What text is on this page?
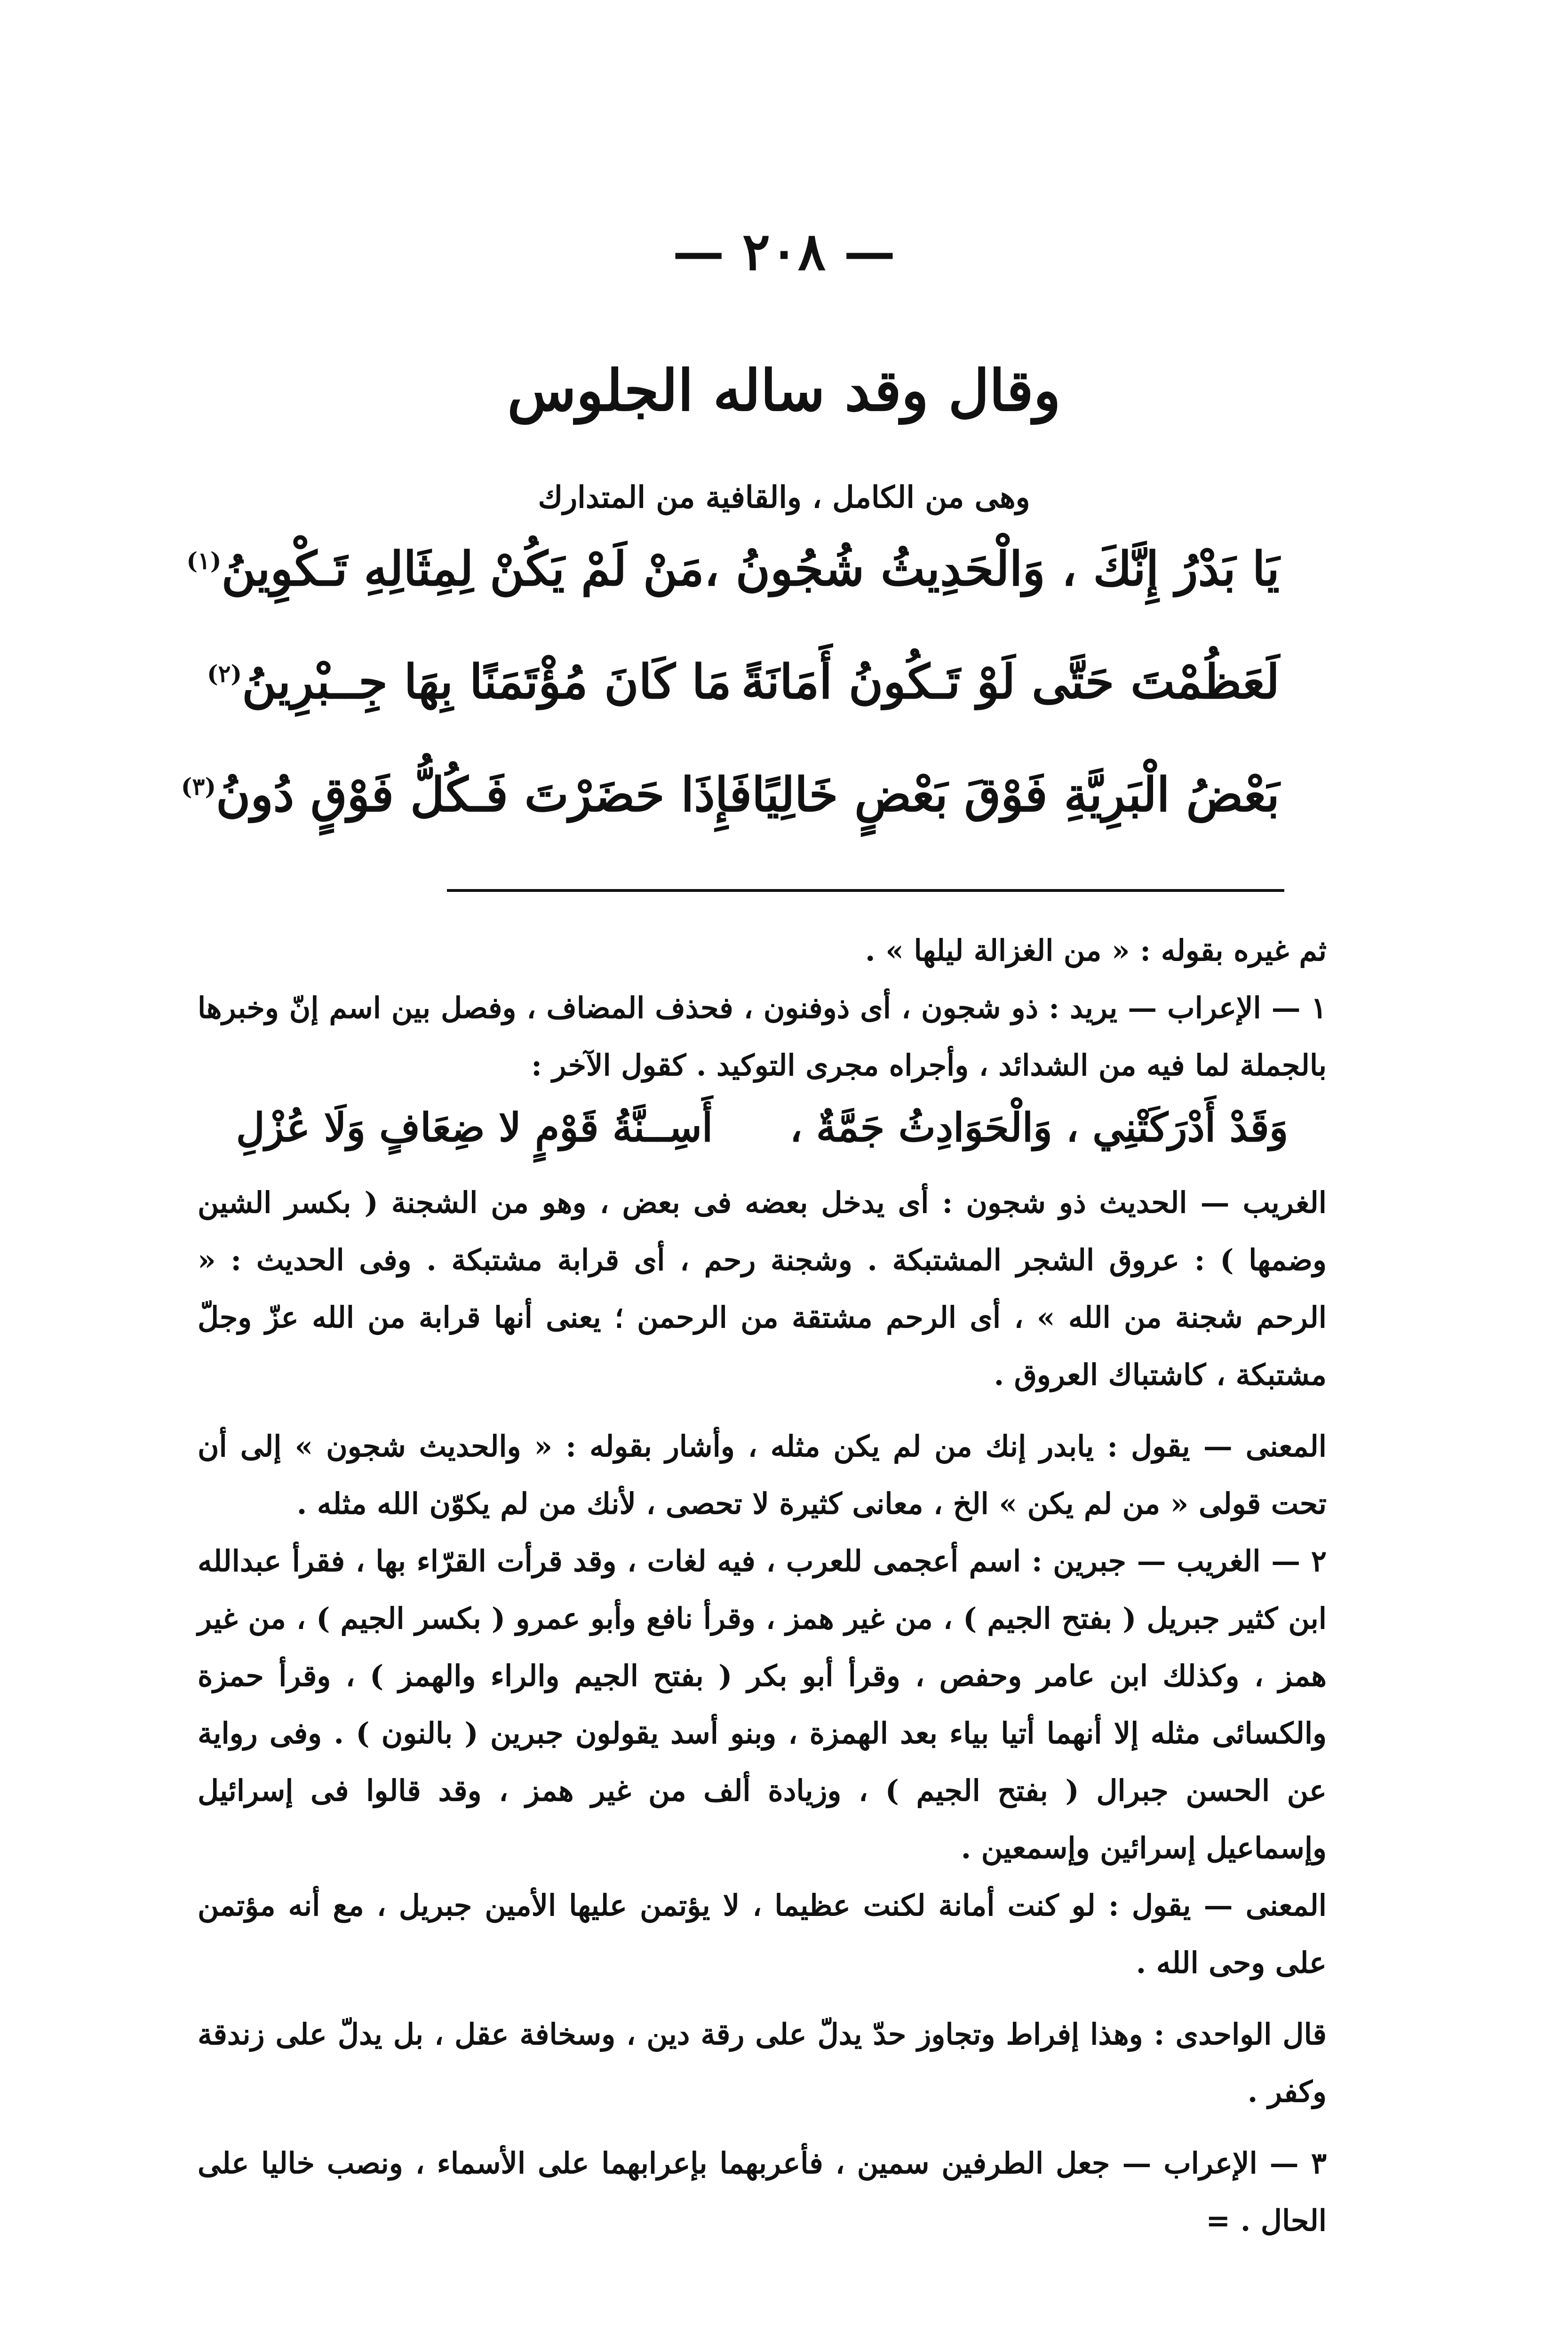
— ٢٠٨ —
وقال وقد ساله الجلوس
وهى من الكامل ، والقافية من المتدارك
يَا بَدْرُ إِنَّكَ ، وَالْحَدِيثُ شُجُونُ ،
مَنْ لَمْ يَكُنْ لِمِثَالِهِ تَـكْوِينُ$^{(١)}$
لَعَظُمْتَ حَتَّى لَوْ تَـكُونُ أَمَانَةً
مَا كَانَ مُؤْتَمَنًا بِهَا جِــبْرِينُ$^{(٢)}$
بَعْضُ الْبَرِيَّةِ فَوْقَ بَعْضٍ خَالِيًا
فَإِذَا حَضَرْتَ فَـكُلُّ فَوْقٍ دُونُ$^{(٣)}$

ثم غيره بقوله : « من الغزالة ليلها » .

١ — الإعراب — يريد : ذو شجون ، أى ذوفنون ، فحذف المضاف ، وفصل بين اسم إنّ وخبرها بالجملة لما فيه من الشدائد ، وأجراه مجرى التوكيد . كقول الآخر :

وَقَدْ أَدْرَكَتْنِي ، وَالْحَوَادِثُ جَمَّةٌ ،
أَسِــنَّةُ قَوْمٍ لا ضِعَافٍ وَلَا عُزْلِ

الغريب — الحديث ذو شجون : أى يدخل بعضه فى بعض ، وهو من الشجنة ( بكسر الشين وضمها ) : عروق الشجر المشتبكة . وشجنة رحم ، أى قرابة مشتبكة . وفى الحديث : « الرحم شجنة من الله » ، أى الرحم مشتقة من الرحمن ؛ يعنى أنها قرابة من الله عزّ وجلّ مشتبكة ، كاشتباك العروق .

المعنى — يقول : يابدر إنك من لم يكن مثله ، وأشار بقوله : « والحديث شجون » إلى أن تحت قولى « من لم يكن » الخ ، معانى كثيرة لا تحصى ، لأنك من لم يكوّن الله مثله .

٢ — الغريب — جبرين : اسم أعجمى للعرب ، فيه لغات ، وقد قرأت القرّاء بها ، فقرأ عبدالله ابن كثير جبريل ( بفتح الجيم ) ، من غير همز ، وقرأ نافع وأبو عمرو ( بكسر الجيم ) ، من غير همز ، وكذلك ابن عامر وحفص ، وقرأ أبو بكر ( بفتح الجيم والراء والهمز ) ، وقرأ حمزة والكسائى مثله إلا أنهما أتيا بياء بعد الهمزة ، وبنو أسد يقولون جبرين ( بالنون ) . وفى رواية عن الحسن جبرال ( بفتح الجيم ) ، وزيادة ألف من غير همز ، وقد قالوا فى إسرائيل وإسماعيل إسرائين وإسمعين .

المعنى — يقول : لو كنت أمانة لكنت عظيما ، لا يؤتمن عليها الأمين جبريل ، مع أنه مؤتمن على وحى الله .

قال الواحدى : وهذا إفراط وتجاوز حدّ يدلّ على رقة دين ، وسخافة عقل ، بل يدلّ على زندقة وكفر .

٣ — الإعراب — جعل الطرفين سمين ، فأعربهما بإعرابهما على الأسماء ، ونصب خاليا على الحال . =
